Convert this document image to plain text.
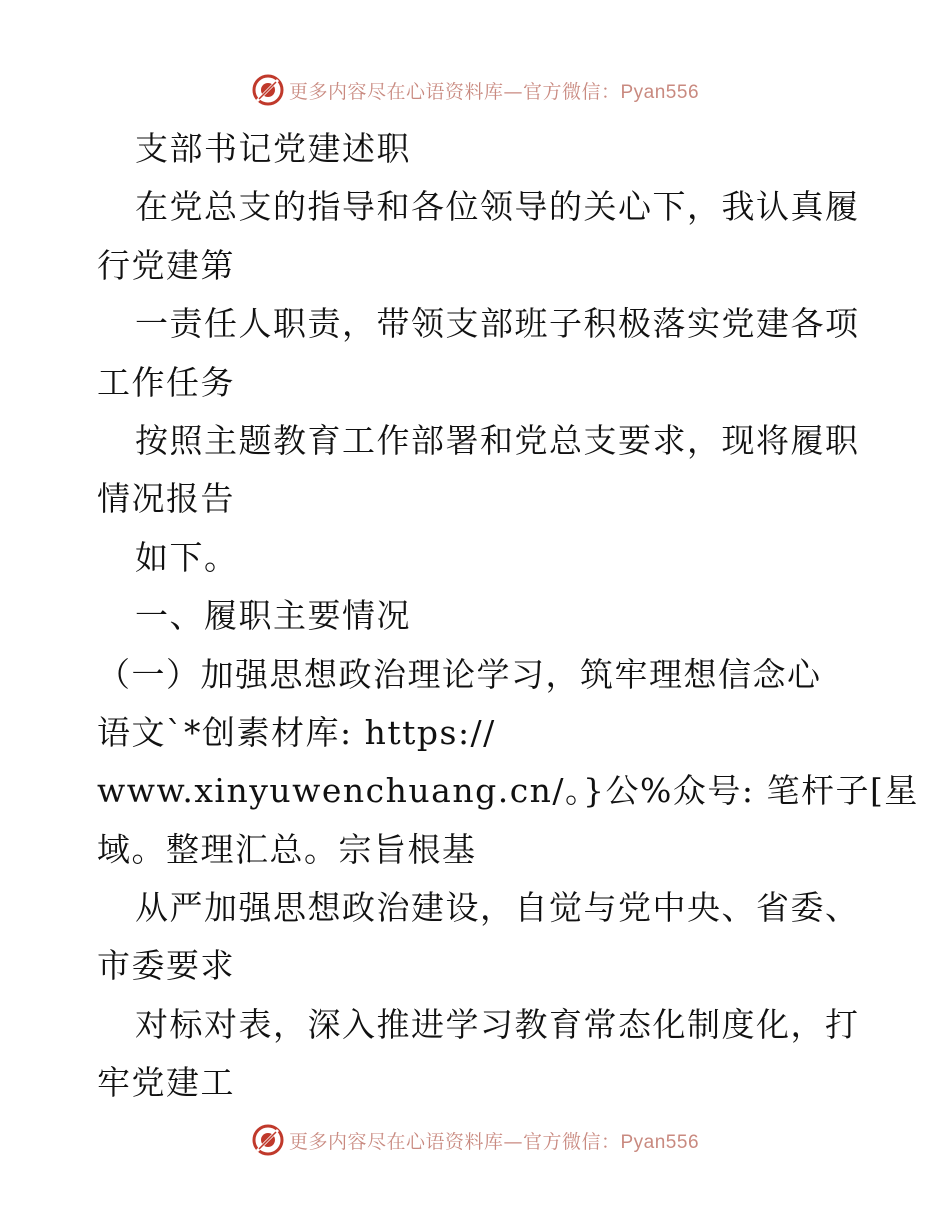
更多内容尽在心语资料库—官方微信：Pyan556
支部书记党建述职
在党总支的指导和各位领导的关心下，我认真履
行党建第
一责任人职责，带领支部班子积极落实党建各项
工作任务
按照主题教育工作部署和党总支要求，现将履职
情况报告
如下。
一、履职主要情况
（一）加强思想政治理论学习，筑牢理想信念心
语文`*创素材库: https://
www.xinyuwenchuang.cn/。}公%众号: 笔杆子[星
域。整理汇总。宗旨根基
从严加强思想政治建设，自觉与党中央、省委、
市委要求
对标对表，深入推进学习教育常态化制度化，打
牢党建工
更多内容尽在心语资料库—官方微信：Pyan556
